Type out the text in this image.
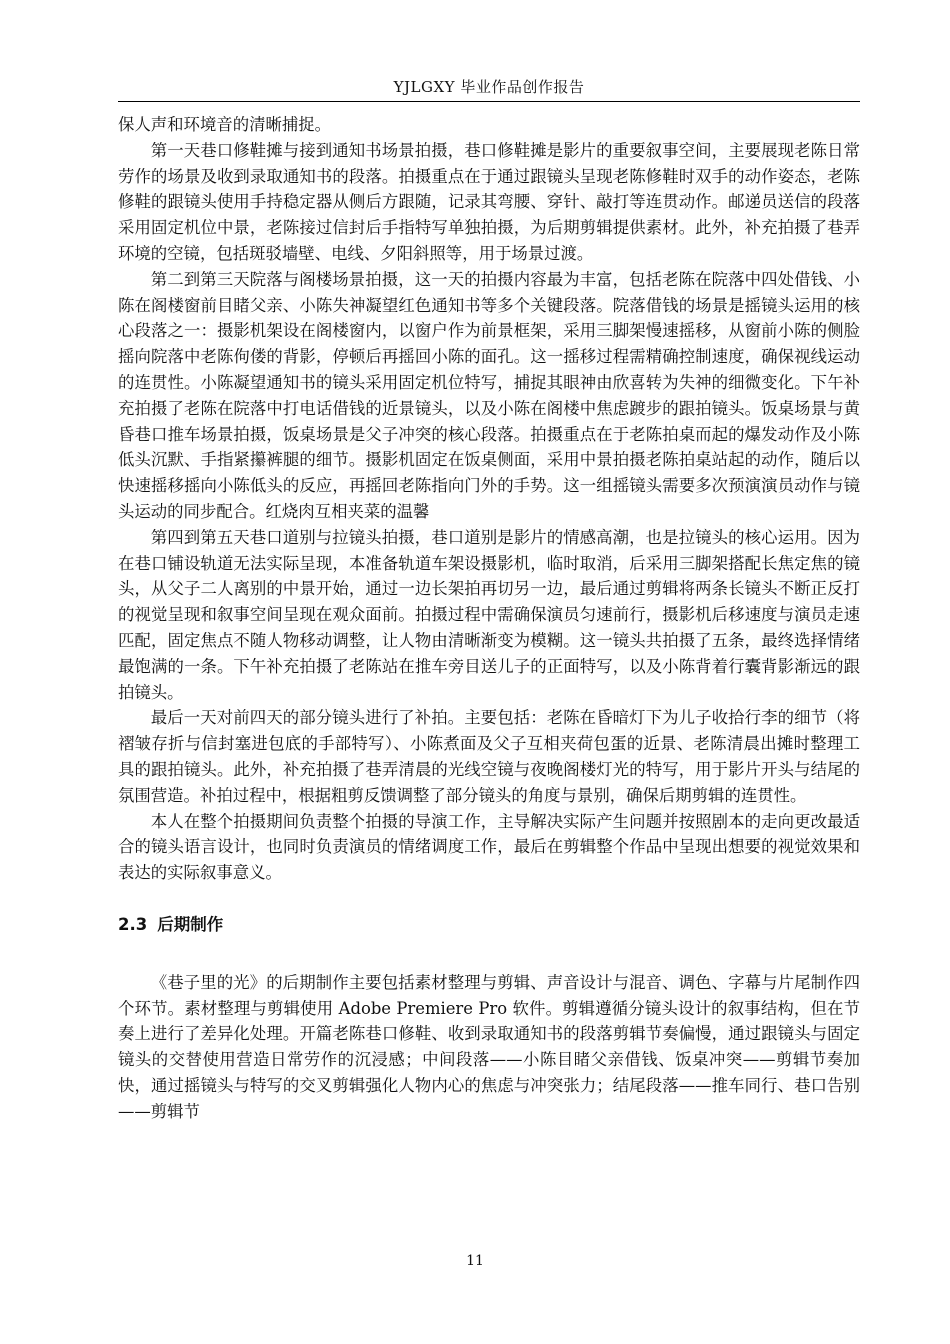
YJLGXY 毕业作品创作报告

保人声和环境音的清晰捕捉。

第一天巷口修鞋摊与接到通知书场景拍摄，巷口修鞋摊是影片的重要叙事空间，主要展现老陈日常劳作的场景及收到录取通知书的段落。拍摄重点在于通过跟镜头呈现老陈修鞋时双手的动作姿态，老陈修鞋的跟镜头使用手持稳定器从侧后方跟随，记录其弯腰、穿针、敲打等连贯动作。邮递员送信的段落采用固定机位中景，老陈接过信封后手指特写单独拍摄，为后期剪辑提供素材。此外，补充拍摄了巷弄环境的空镜，包括斑驳墙壁、电线、夕阳斜照等，用于场景过渡。

第二到第三天院落与阁楼场景拍摄，这一天的拍摄内容最为丰富，包括老陈在院落中四处借钱、小陈在阁楼窗前目睹父亲、小陈失神凝望红色通知书等多个关键段落。院落借钱的场景是摇镜头运用的核心段落之一：摄影机架设在阁楼窗内，以窗户作为前景框架，采用三脚架慢速摇移，从窗前小陈的侧脸摇向院落中老陈佝偻的背影，停顿后再摇回小陈的面孔。这一摇移过程需精确控制速度，确保视线运动的连贯性。小陈凝望通知书的镜头采用固定机位特写，捕捉其眼神由欣喜转为失神的细微变化。下午补充拍摄了老陈在院落中打电话借钱的近景镜头，以及小陈在阁楼中焦虑踱步的跟拍镜头。饭桌场景与黄昏巷口推车场景拍摄，饭桌场景是父子冲突的核心段落。拍摄重点在于老陈拍桌而起的爆发动作及小陈低头沉默、手指紧攥裤腿的细节。摄影机固定在饭桌侧面，采用中景拍摄老陈拍桌站起的动作，随后以快速摇移摇向小陈低头的反应，再摇回老陈指向门外的手势。这一组摇镜头需要多次预演演员动作与镜头运动的同步配合。红烧肉互相夹菜的温馨

第四到第五天巷口道别与拉镜头拍摄，巷口道别是影片的情感高潮，也是拉镜头的核心运用。因为在巷口铺设轨道无法实际呈现，本准备轨道车架设摄影机，临时取消，后采用三脚架搭配长焦定焦的镜头，从父子二人离别的中景开始，通过一边长架拍再切另一边，最后通过剪辑将两条长镜头不断正反打的视觉呈现和叙事空间呈现在观众面前。拍摄过程中需确保演员匀速前行，摄影机后移速度与演员走速匹配，固定焦点不随人物移动调整，让人物由清晰渐变为模糊。这一镜头共拍摄了五条，最终选择情绪最饱满的一条。下午补充拍摄了老陈站在推车旁目送儿子的正面特写，以及小陈背着行囊背影渐远的跟拍镜头。

最后一天对前四天的部分镜头进行了补拍。主要包括：老陈在昏暗灯下为儿子收拾行李的细节（将褶皱存折与信封塞进包底的手部特写）、小陈煮面及父子互相夹荷包蛋的近景、老陈清晨出摊时整理工具的跟拍镜头。此外，补充拍摄了巷弄清晨的光线空镜与夜晚阁楼灯光的特写，用于影片开头与结尾的氛围营造。补拍过程中，根据粗剪反馈调整了部分镜头的角度与景别，确保后期剪辑的连贯性。

本人在整个拍摄期间负责整个拍摄的导演工作，主导解决实际产生问题并按照剧本的走向更改最适合的镜头语言设计，也同时负责演员的情绪调度工作，最后在剪辑整个作品中呈现出想要的视觉效果和表达的实际叙事意义。

2.3 后期制作

《巷子里的光》的后期制作主要包括素材整理与剪辑、声音设计与混音、调色、字幕与片尾制作四个环节。素材整理与剪辑使用 Adobe Premiere Pro 软件。剪辑遵循分镜头设计的叙事结构，但在节奏上进行了差异化处理。开篇老陈巷口修鞋、收到录取通知书的段落剪辑节奏偏慢，通过跟镜头与固定镜头的交替使用营造日常劳作的沉浸感；中间段落——小陈目睹父亲借钱、饭桌冲突——剪辑节奏加快，通过摇镜头与特写的交叉剪辑强化人物内心的焦虑与冲突张力；结尾段落——推车同行、巷口告别——剪辑节

11
